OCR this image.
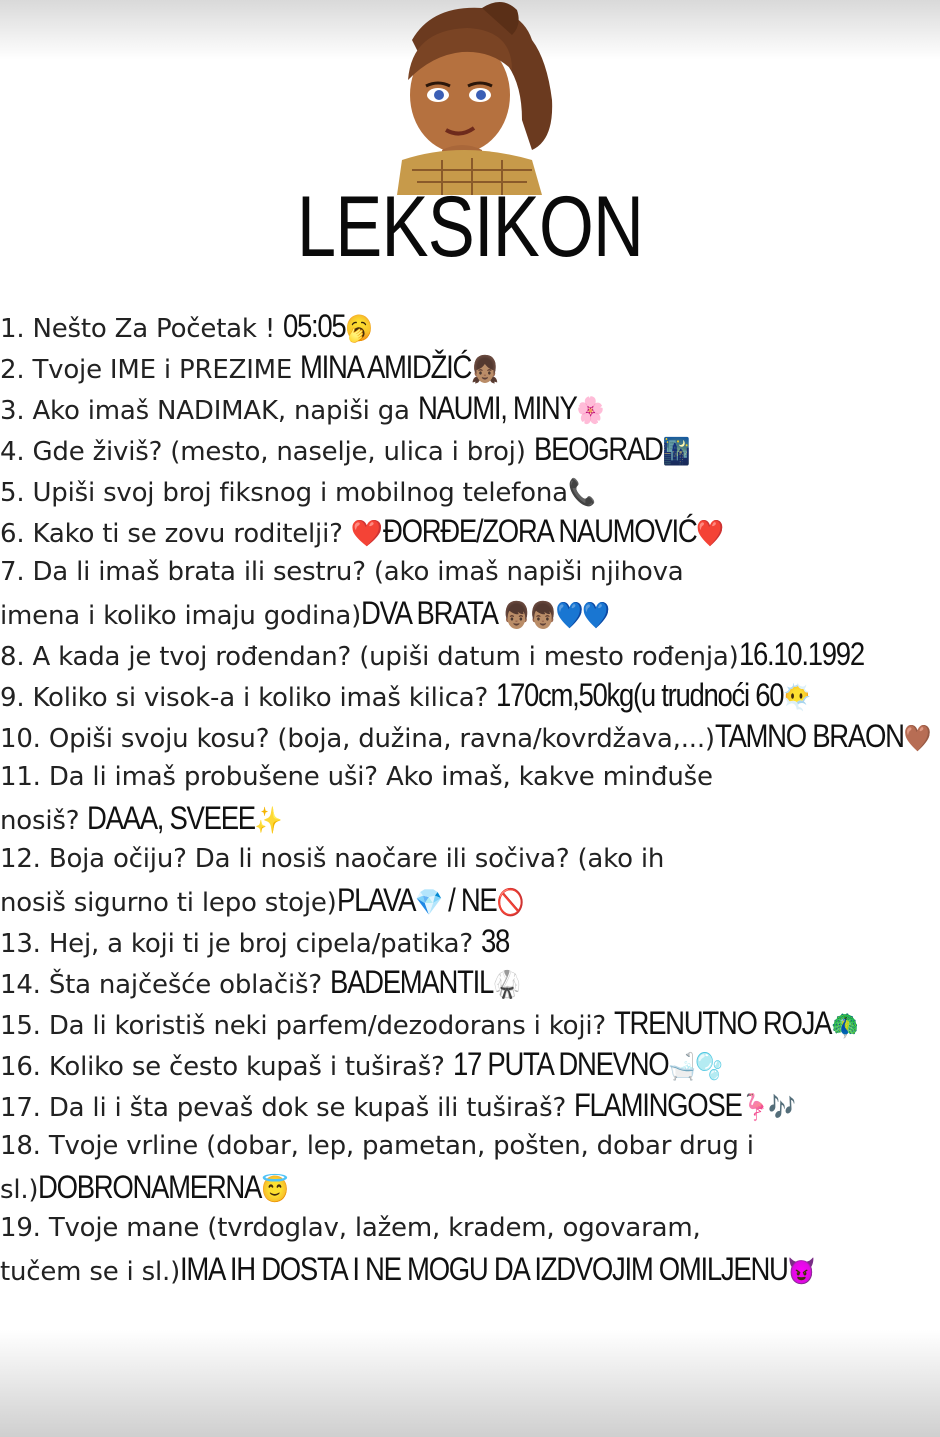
LEKSIKON
1. Nešto Za Početak ! 05:05🥱
2. Tvoje IME i PREZIME MINA AMIDŽIĆ👧🏽
3. Ako imaš NADIMAK, napiši ga NAUMI, MINY🌸
4. Gde živiš? (mesto, naselje, ulica i broj) BEOGRAD🌃
5. Upiši svoj broj fiksnog i mobilnog telefona📞
6. Kako ti se zovu roditelji? ❤️ĐORĐE/ZORA NAUMOVIĆ❤️
7. Da li imaš brata ili sestru? (ako imaš napiši njihova
imena i koliko imaju godina)DVA BRATA 👦🏽👦🏽💙💙
8. A kada je tvoj rođendan? (upiši datum i mesto rođenja)16.10.1992
9. Koliko si visok-a i koliko imaš kilica? 170cm,50kg(u trudnoći 60😶‍🌫️
10. Opiši svoju kosu? (boja, dužina, ravna/kovrdžava,...)TAMNO BRAON🤎
11. Da li imaš probušene uši? Ako imaš, kakve minđuše
nosiš? DAAA, SVEEE✨
12. Boja očiju? Da li nosiš naočare ili sočiva? (ako ih
nosiš sigurno ti lepo stoje)PLAVA💎 / NE🚫
13. Hej, a koji ti je broj cipela/patika? 38
14. Šta najčešće oblačiš? BADEMANTIL🥋
15. Da li koristiš neki parfem/dezodorans i koji? TRENUTNO ROJA🦚
16. Koliko se često kupaš i tuširaš? 17 PUTA DNEVNO🛁🫧
17. Da li i šta pevaš dok se kupaš ili tuširaš? FLAMINGOSE🦩🎶
18. Tvoje vrline (dobar, lep, pametan, pošten, dobar drug i
sl.)DOBRONAMERNA😇
19. Tvoje mane (tvrdoglav, lažem, kradem, ogovaram,
tučem se i sl.)IMA IH DOSTA I NE MOGU DA IZDVOJIM OMILJENU😈
